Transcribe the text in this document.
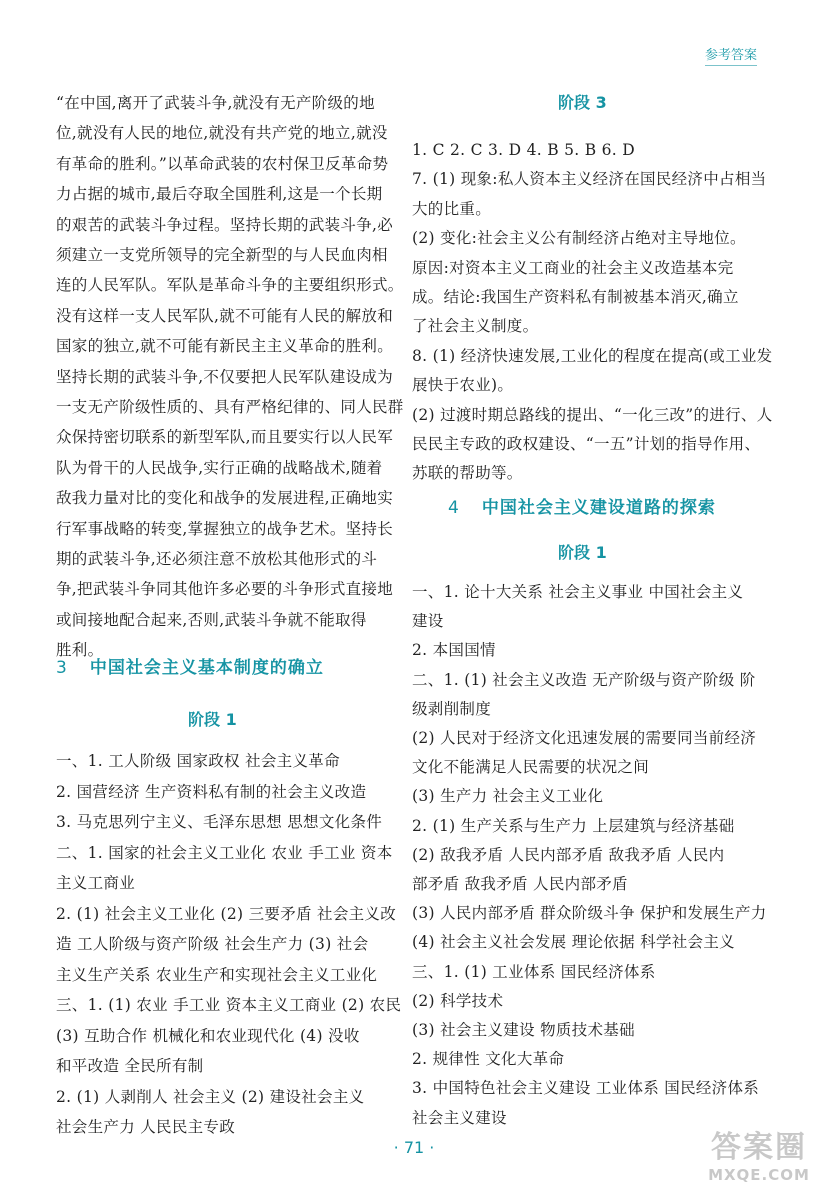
参考答案
“在中国,离开了武装斗争,就没有无产阶级的地
位,就没有人民的地位,就没有共产党的地立,就没
有革命的胜利。”以革命武装的农村保卫反革命势
力占据的城市,最后夺取全国胜利,这是一个长期
的艰苦的武装斗争过程。坚持长期的武装斗争,必
须建立一支党所领导的完全新型的与人民血肉相
连的人民军队。军队是革命斗争的主要组织形式。
没有这样一支人民军队,就不可能有人民的解放和
国家的独立,就不可能有新民主主义革命的胜利。
坚持长期的武装斗争,不仅要把人民军队建设成为
一支无产阶级性质的、具有严格纪律的、同人民群
众保持密切联系的新型军队,而且要实行以人民军
队为骨干的人民战争,实行正确的战略战术,随着
敌我力量对比的变化和战争的发展进程,正确地实
行军事战略的转变,掌握独立的战争艺术。坚持长
期的武装斗争,还必须注意不放松其他形式的斗
争,把武装斗争同其他许多必要的斗争形式直接地
或间接地配合起来,否则,武装斗争就不能取得
胜利。
3 中国社会主义基本制度的确立
阶段 1
一、1. 工人阶级 国家政权 社会主义革命
2. 国营经济 生产资料私有制的社会主义改造
3. 马克思列宁主义、毛泽东思想 思想文化条件
二、1. 国家的社会主义工业化 农业 手工业 资本
主义工商业
2. (1) 社会主义工业化 (2) 三要矛盾 社会主义改
造 工人阶级与资产阶级 社会生产力 (3) 社会
主义生产关系 农业生产和实现社会主义工业化
三、1. (1) 农业 手工业 资本主义工商业 (2) 农民
(3) 互助合作 机械化和农业现代化 (4) 没收
和平改造 全民所有制
2. (1) 人剥削人 社会主义 (2) 建设社会主义
社会生产力 人民民主专政
阶段 3
1. C 2. C 3. D 4. B 5. B 6. D
7. (1) 现象:私人资本主义经济在国民经济中占相当
大的比重。
(2) 变化:社会主义公有制经济占绝对主导地位。
原因:对资本主义工商业的社会主义改造基本完
成。结论:我国生产资料私有制被基本消灭,确立
了社会主义制度。
8. (1) 经济快速发展,工业化的程度在提高(或工业发
展快于农业)。
(2) 过渡时期总路线的提出、“一化三改”的进行、人
民民主专政的政权建设、“一五”计划的指导作用、
苏联的帮助等。
4 中国社会主义建设道路的探索
阶段 1
一、1. 论十大关系 社会主义事业 中国社会主义
建设
2. 本国国情
二、1. (1) 社会主义改造 无产阶级与资产阶级 阶
级剥削制度
(2) 人民对于经济文化迅速发展的需要同当前经济
文化不能满足人民需要的状况之间
(3) 生产力 社会主义工业化
2. (1) 生产关系与生产力 上层建筑与经济基础
(2) 敌我矛盾 人民内部矛盾 敌我矛盾 人民内
部矛盾 敌我矛盾 人民内部矛盾
(3) 人民内部矛盾 群众阶级斗争 保护和发展生产力
(4) 社会主义社会发展 理论依据 科学社会主义
三、1. (1) 工业体系 国民经济体系
(2) 科学技术
(3) 社会主义建设 物质技术基础
2. 规律性 文化大革命
3. 中国特色社会主义建设 工业体系 国民经济体系
社会主义建设
· 71 ·	答案圈
MXQE.COM
